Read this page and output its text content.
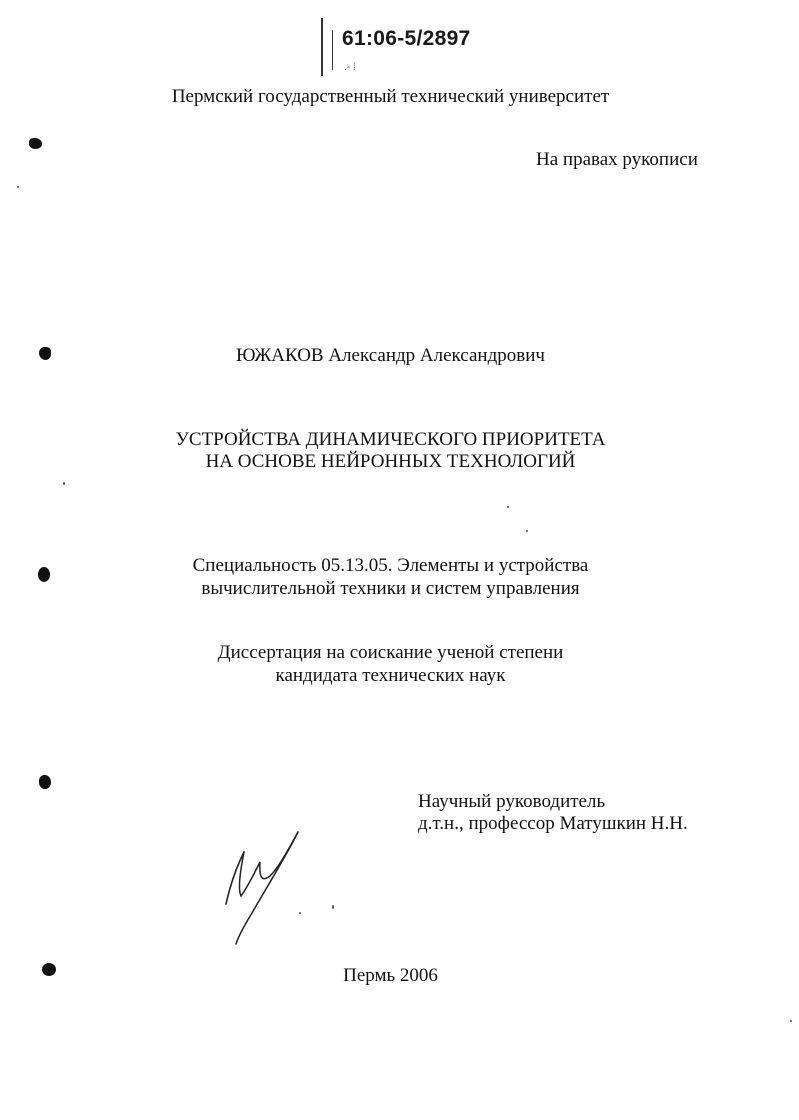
61:06-5/2897
.- ⁞
Пермский государственный технический университет
На правах рукописи
ЮЖАКОВ Александр Александрович
УСТРОЙСТВА ДИНАМИЧЕСКОГО ПРИОРИТЕТА
НА ОСНОВЕ НЕЙРОННЫХ ТЕХНОЛОГИЙ
Специальность 05.13.05. Элементы и устройства
вычислительной техники и систем управления
Диссертация на соискание ученой степени
кандидата технических наук
Научный руководитель
д.т.н., профессор Матушкин Н.Н.
Пермь 2006
